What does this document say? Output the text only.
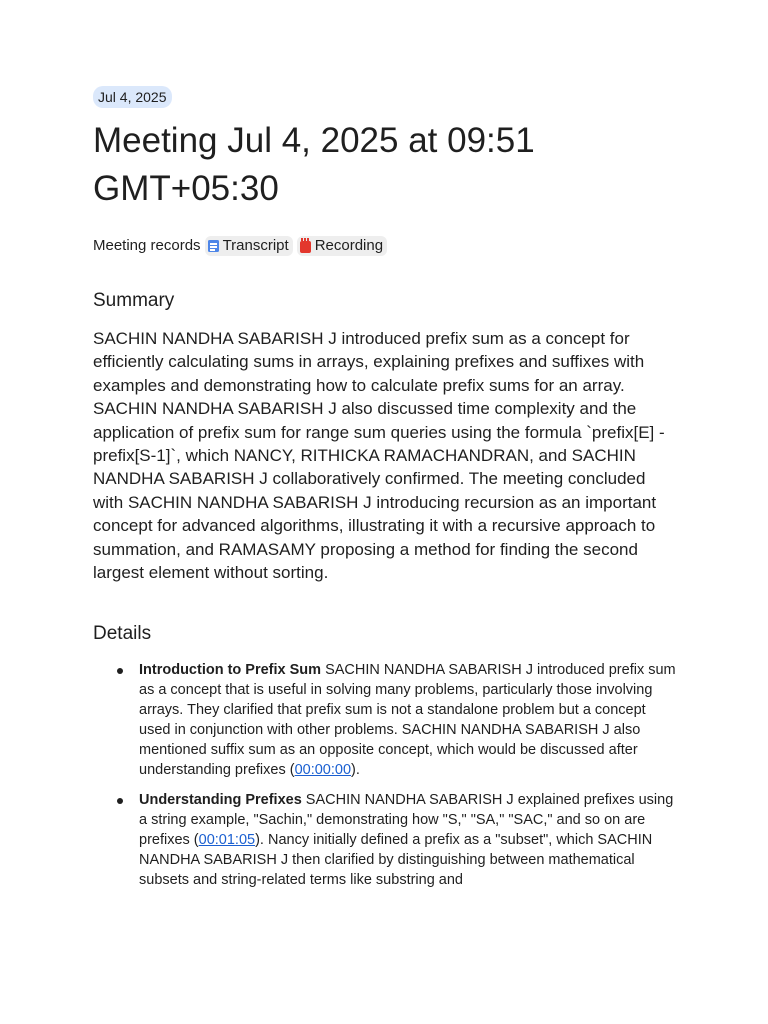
Jul 4, 2025
Meeting Jul 4, 2025 at 09:51 GMT+05:30
Meeting records Transcript Recording
Summary

SACHIN NANDHA SABARISH J introduced prefix sum as a concept for efficiently calculating sums in arrays, explaining prefixes and suffixes with examples and demonstrating how to calculate prefix sums for an array. SACHIN NANDHA SABARISH J also discussed time complexity and the application of prefix sum for range sum queries using the formula `prefix[E] - prefix[S-1]`, which NANCY, RITHICKA RAMACHANDRAN, and SACHIN NANDHA SABARISH J collaboratively confirmed. The meeting concluded with SACHIN NANDHA SABARISH J introducing recursion as an important concept for advanced algorithms, illustrating it with a recursive approach to summation, and RAMASAMY proposing a method for finding the second largest element without sorting.

Details
Introduction to Prefix Sum SACHIN NANDHA SABARISH J introduced prefix sum as a concept that is useful in solving many problems, particularly those involving arrays. They clarified that prefix sum is not a standalone problem but a concept used in conjunction with other problems. SACHIN NANDHA SABARISH J also mentioned suffix sum as an opposite concept, which would be discussed after understanding prefixes (00:00:00).
Understanding Prefixes SACHIN NANDHA SABARISH J explained prefixes using a string example, "Sachin," demonstrating how "S," "SA," "SAC," and so on are prefixes (00:01:05). Nancy initially defined a prefix as a "subset", which SACHIN NANDHA SABARISH J then clarified by distinguishing between mathematical subsets and string-related terms like substring and
